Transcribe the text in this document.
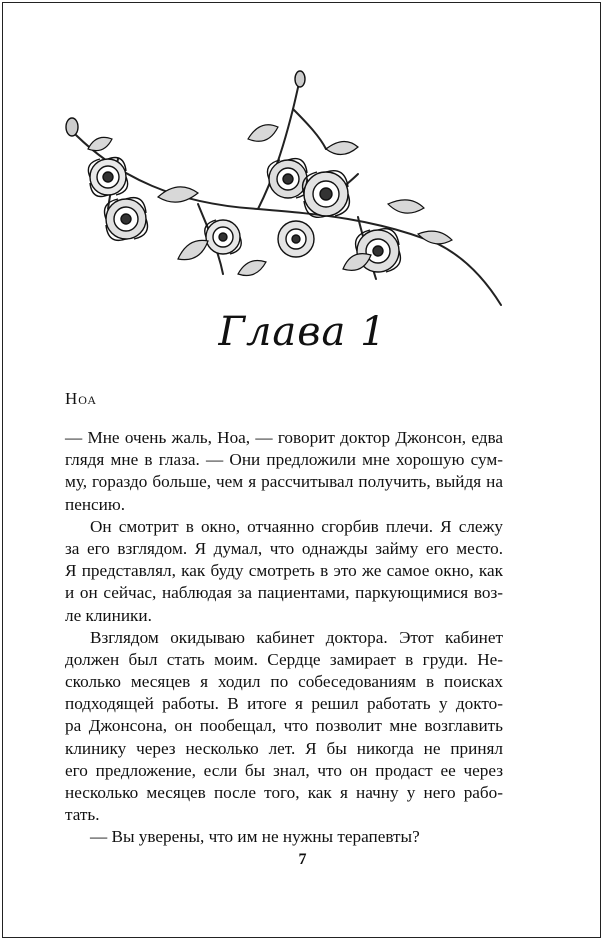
Глава 1
Ноа
— Мне очень жаль, Ноа, — говорит доктор Джонсон, едва
глядя мне в глаза. — Они предложили мне хорошую сум-
му, гораздо больше, чем я рассчитывал получить, выйдя на
пенсию.
Он смотрит в окно, отчаянно сгорбив плечи. Я слежу
за его взглядом. Я думал, что однажды займу его место.
Я представлял, как буду смотреть в это же самое окно, как
и он сейчас, наблюдая за пациентами, паркующимися воз-
ле клиники.
Взглядом окидываю кабинет доктора. Этот кабинет
должен был стать моим. Сердце замирает в груди. Не-
сколько месяцев я ходил по собеседованиям в поисках
подходящей работы. В итоге я решил работать у докто-
ра Джонсона, он пообещал, что позволит мне возглавить
клинику через несколько лет. Я бы никогда не принял
его предложение, если бы знал, что он продаст ее через
несколько месяцев после того, как я начну у него рабо-
тать.
— Вы уверены, что им не нужны терапевты?
7
